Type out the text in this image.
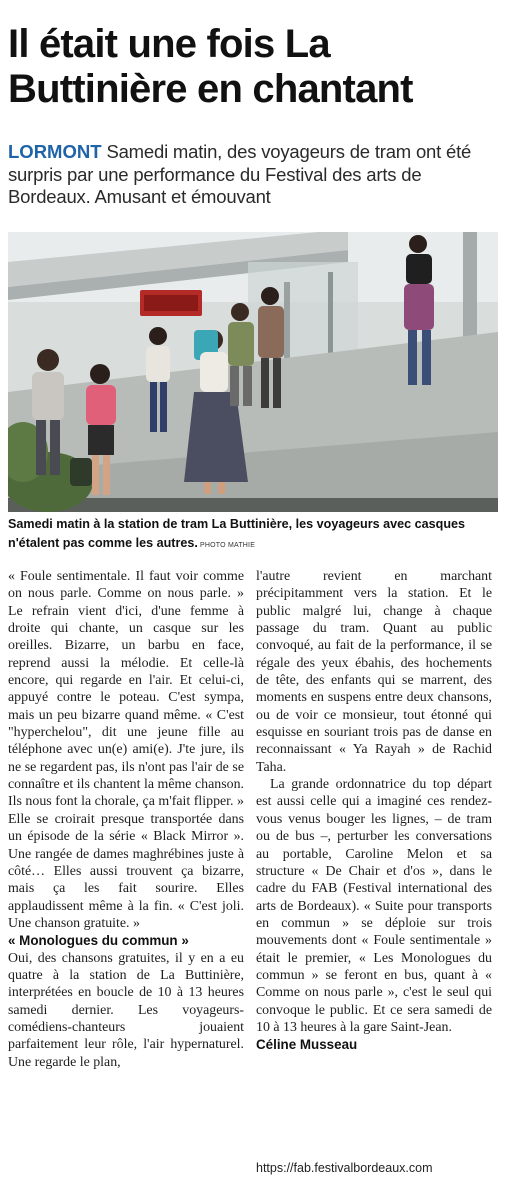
Il était une fois La Buttinière en chantant

LORMONT Samedi matin, des voyageurs de tram ont été surpris par une performance du Festival des arts de Bordeaux. Amusant et émouvant

Samedi matin à la station de tram La Buttinière, les voyageurs avec casques n'étalent pas comme les autres. PHOTO MATHIE

« Foule sentimentale. Il faut voir comme on nous parle. Comme on nous parle. » Le refrain vient d'ici, d'une femme à droite qui chante, un casque sur les oreilles. Bizarre, un barbu en face, reprend aussi la mélodie. Et celle-là encore, qui regarde en l'air. Et celui-ci, appuyé contre le poteau. C'est sympa, mais un peu bizarre quand même. « C'est "hyperchelou", dit une jeune fille au téléphone avec un(e) ami(e). J'te jure, ils ne se regardent pas, ils n'ont pas l'air de se connaître et ils chantent la même chanson. Ils nous font la chorale, ça m'fait flipper. » Elle se croirait presque transportée dans un épisode de la série « Black Mirror ». Une rangée de dames maghrébines juste à côté… Elles aussi trouvent ça bizarre, mais ça les fait sourire. Elles applaudissent même à la fin. « C'est joli. Une chanson gratuite. »

« Monologues du commun »

Oui, des chansons gratuites, il y en a eu quatre à la station de La Buttinière, interprétées en boucle de 10 à 13 heures samedi dernier. Les voyageurs-comédiens-chanteurs jouaient parfaitement leur rôle, l'air hypernaturel. Une regarde le plan,

l'autre revient en marchant précipitamment vers la station. Et le public malgré lui, change à chaque passage du tram. Quant au public convoqué, au fait de la performance, il se régale des yeux ébahis, des hochements de tête, des enfants qui se marrent, des moments en suspens entre deux chansons, ou de voir ce monsieur, tout étonné qui esquisse en souriant trois pas de danse en reconnaissant « Ya Rayah » de Rachid Taha.

La grande ordonnatrice du top départ est aussi celle qui a imaginé ces rendez-vous venus bouger les lignes, – de tram ou de bus –, perturber les conversations au portable, Caroline Melon et sa structure « De Chair et d'os », dans le cadre du FAB (Festival international des arts de Bordeaux). « Suite pour transports en commun » se déploie sur trois mouvements dont « Foule sentimentale » était le premier, « Les Monologues du commun » se feront en bus, quant à « Comme on nous parle », c'est le seul qui convoque le public. Et ce sera samedi de 10 à 13 heures à la gare Saint-Jean.

Céline Musseau

https://fab.festivalbordeaux.com
